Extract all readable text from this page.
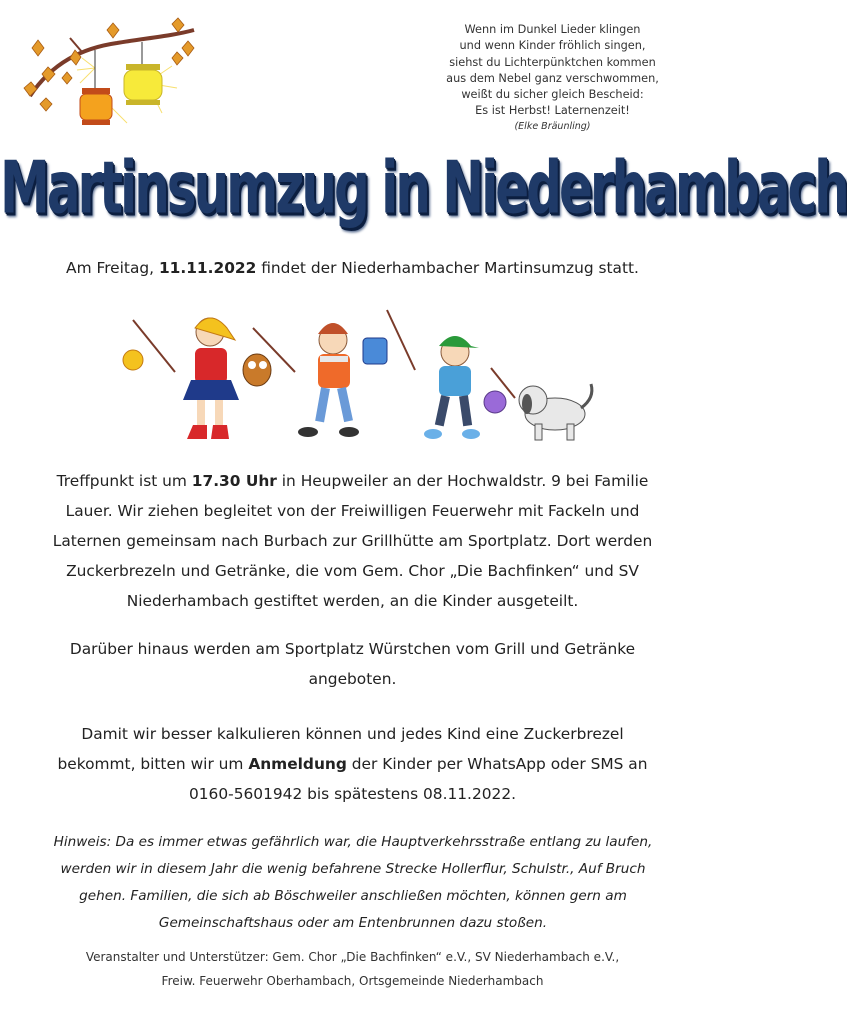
Wenn im Dunkel Lieder klingen
und wenn Kinder fröhlich singen,
siehst du Lichterpünktchen kommen
aus dem Nebel ganz verschwommen,
weißt du sicher gleich Bescheid:
Es ist Herbst! Laternenzeit!
(Elke Bräunling)
Martinsumzug in Niederhambach
Am Freitag, 11.11.2022 findet der Niederhambacher Martinsumzug statt.
Treffpunkt ist um 17.30 Uhr in Heupweiler an der Hochwaldstr. 9 bei Familie Lauer. Wir ziehen begleitet von der Freiwilligen Feuerwehr mit Fackeln und Laternen gemeinsam nach Burbach zur Grillhütte am Sportplatz. Dort werden Zuckerbrezeln und Getränke, die vom Gem. Chor „Die Bachfinken“ und SV Niederhambach gestiftet werden, an die Kinder ausgeteilt.
Darüber hinaus werden am Sportplatz Würstchen vom Grill und Getränke angeboten.
Damit wir besser kalkulieren können und jedes Kind eine Zuckerbrezel bekommt, bitten wir um Anmeldung der Kinder per WhatsApp oder SMS an 0160-5601942 bis spätestens 08.11.2022.
Hinweis: Da es immer etwas gefährlich war, die Hauptverkehrsstraße entlang zu laufen, werden wir in diesem Jahr die wenig befahrene Strecke Hollerflur, Schulstr., Auf Bruch gehen. Familien, die sich ab Böschweiler anschließen möchten, können gern am Gemeinschaftshaus oder am Entenbrunnen dazu stoßen.
Veranstalter und Unterstützer: Gem. Chor „Die Bachfinken“ e.V., SV Niederhambach e.V.,
Freiw. Feuerwehr Oberhambach, Ortsgemeinde Niederhambach
